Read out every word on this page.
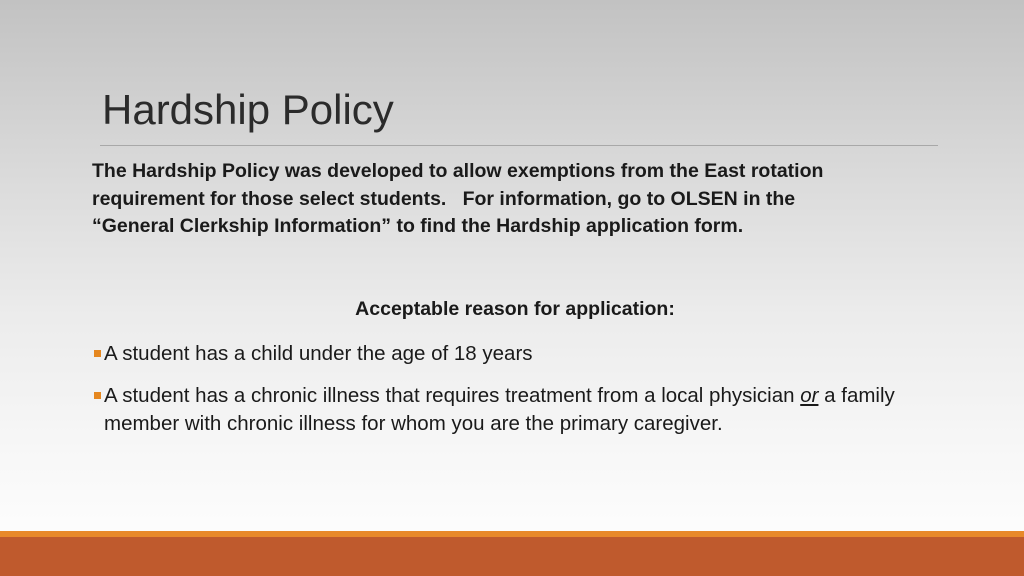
Hardship Policy

The Hardship Policy was developed to allow exemptions from the East rotation
requirement for those select students.   For information, go to OLSEN in the
“General Clerkship Information” to find the Hardship application form.

Acceptable reason for application:

A student has a child under the age of 18 years
A student has a chronic illness that requires treatment from a local physician or a family member with chronic illness for whom you are the primary caregiver.
